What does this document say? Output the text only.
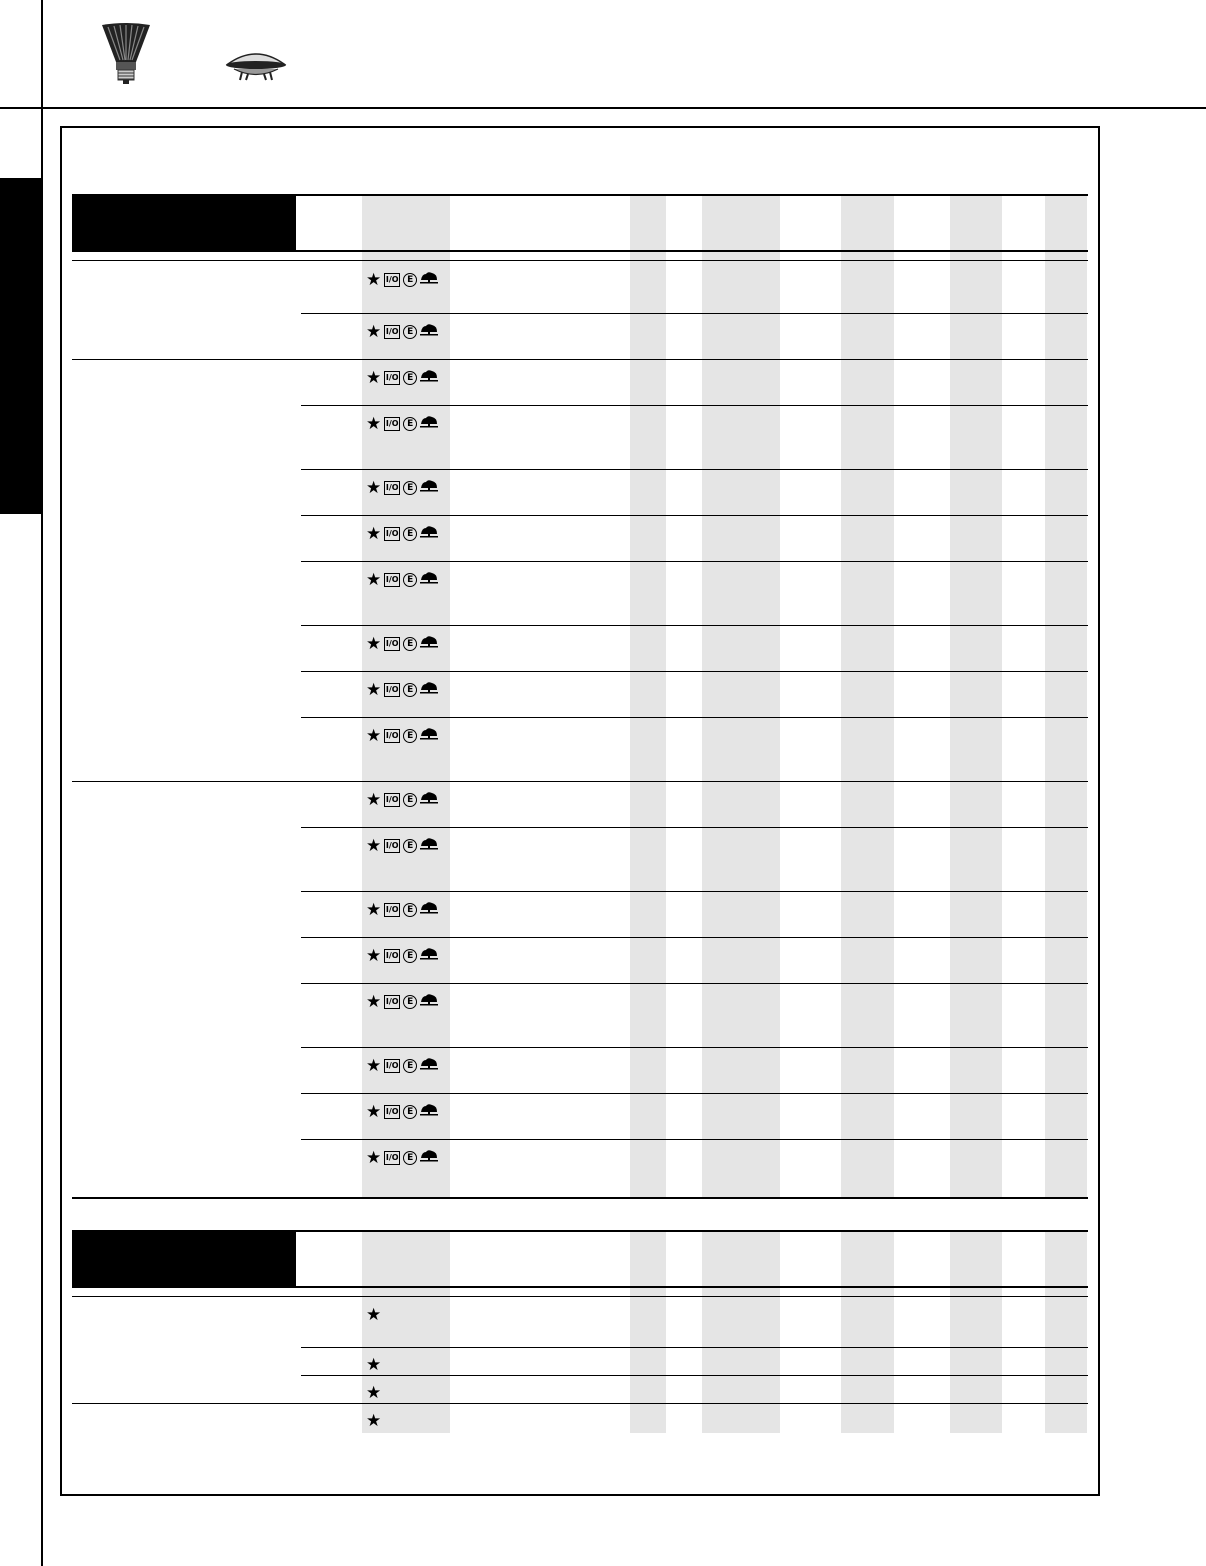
★ I/O E
★ I/O E
★ I/O E
★ I/O E
★ I/O E
★ I/O E
★ I/O E
★ I/O E
★ I/O E
★ I/O E
★ I/O E
★ I/O E
★ I/O E
★ I/O E
★ I/O E
★ I/O E
★ I/O E
★ I/O E
★
★
★
★
